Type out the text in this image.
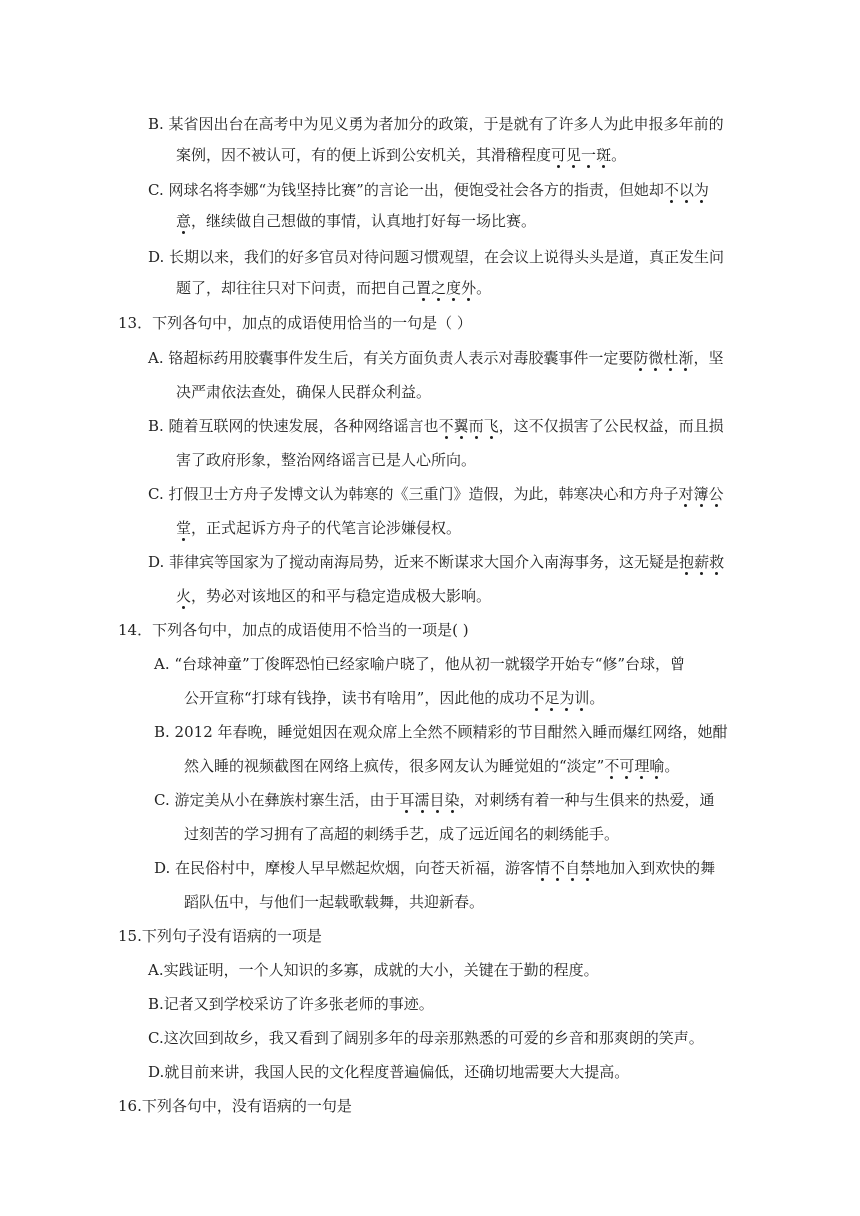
B. 某省因出台在高考中为见义勇为者加分的政策，于是就有了许多人为此申报多年前的
案例，因不被认可，有的便上诉到公安机关，其滑稽程度可见一斑。
C. 网球名将李娜“为钱坚持比赛”的言论一出，便饱受社会各方的指责，但她却不以为
意，继续做自己想做的事情，认真地打好每一场比赛。
D. 长期以来，我们的好多官员对待问题习惯观望，在会议上说得头头是道，真正发生问
题了，却往往只对下问责，而把自己置之度外。
13．下列各句中，加点的成语使用恰当的一句是（ ）
A. 铬超标药用胶囊事件发生后，有关方面负责人表示对毒胶囊事件一定要防微杜渐，坚
决严肃依法查处，确保人民群众利益。
B. 随着互联网的快速发展，各种网络谣言也不翼而飞，这不仅损害了公民权益，而且损
害了政府形象，整治网络谣言已是人心所向。
C. 打假卫士方舟子发博文认为韩寒的《三重门》造假，为此，韩寒决心和方舟子对簿公
堂，正式起诉方舟子的代笔言论涉嫌侵权。
D. 菲律宾等国家为了搅动南海局势，近来不断谋求大国介入南海事务，这无疑是抱薪救
火，势必对该地区的和平与稳定造成极大影响。
14．下列各句中，加点的成语使用不恰当的一项是( )
A. “台球神童”丁俊晖恐怕已经家喻户晓了，他从初一就辍学开始专“修”台球，曾
公开宣称“打球有钱挣，读书有啥用”，因此他的成功不足为训。
B. 2012 年春晚，睡觉姐因在观众席上全然不顾精彩的节目酣然入睡而爆红网络，她酣
然入睡的视频截图在网络上疯传，很多网友认为睡觉姐的“淡定”不可理喻。
C. 游定美从小在彝族村寨生活，由于耳濡目染，对刺绣有着一种与生俱来的热爱，通
过刻苦的学习拥有了高超的刺绣手艺，成了远近闻名的刺绣能手。
D. 在民俗村中，摩梭人早早燃起炊烟，向苍天祈福，游客情不自禁地加入到欢快的舞
蹈队伍中，与他们一起载歌载舞，共迎新春。
15.下列句子没有语病的一项是
A.实践证明，一个人知识的多寡，成就的大小，关键在于勤的程度。
B.记者又到学校采访了许多张老师的事迹。
C.这次回到故乡，我又看到了阔别多年的母亲那熟悉的可爱的乡音和那爽朗的笑声。
D.就目前来讲，我国人民的文化程度普遍偏低，还确切地需要大大提高。
16.下列各句中，没有语病的一句是
